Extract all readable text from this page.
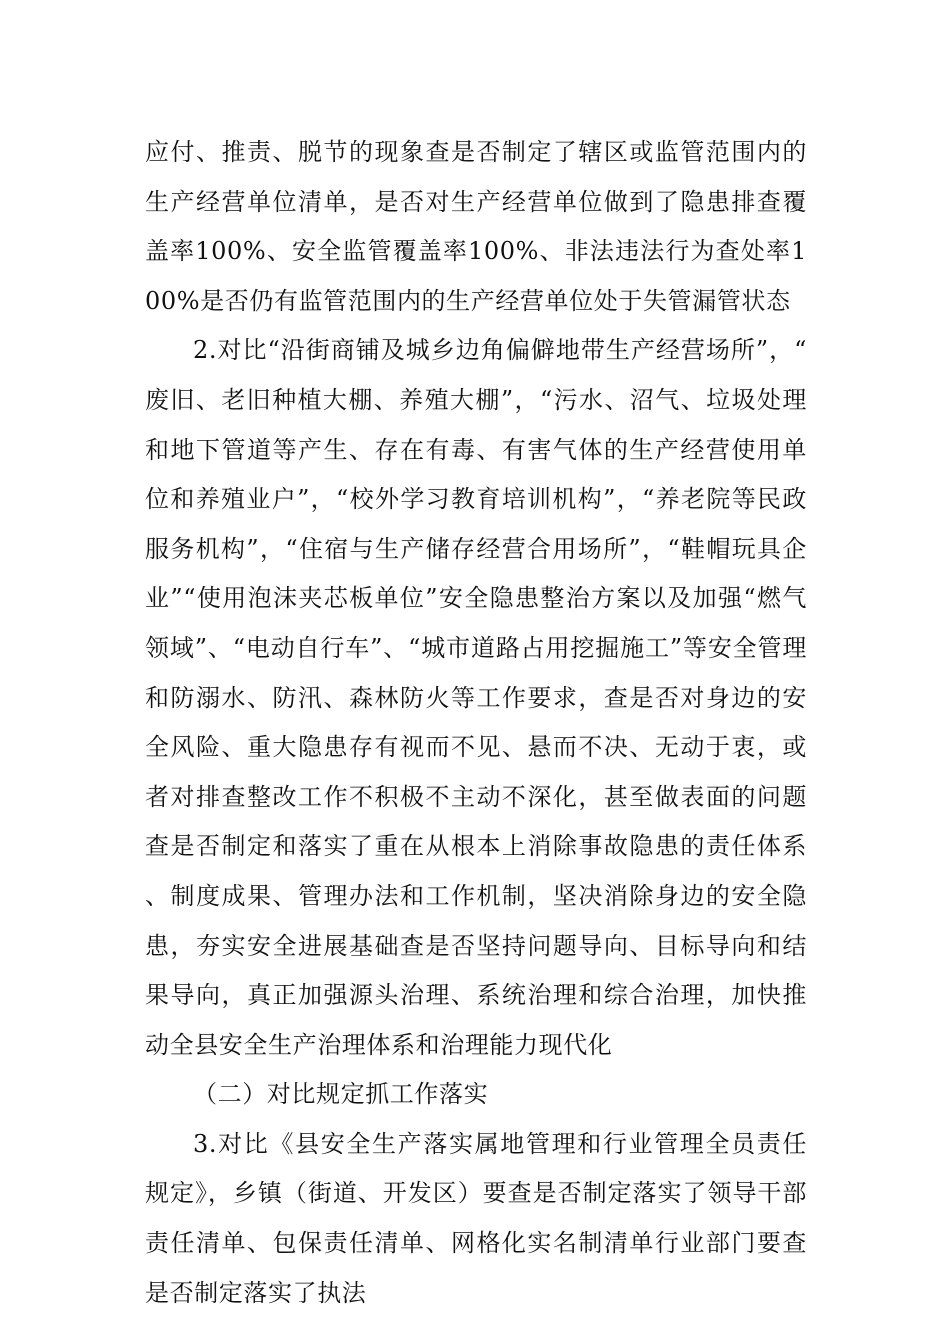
应付、推责、脱节的现象查是否制定了辖区或监管范围内的生产经营单位清单，是否对生产经营单位做到了隐患排查覆盖率100%、安全监管覆盖率100%、非法违法行为查处率100%是否仍有监管范围内的生产经营单位处于失管漏管状态

2.对比“沿街商铺及城乡边角偏僻地带生产经营场所”，“废旧、老旧种植大棚、养殖大棚”，“污水、沼气、垃圾处理和地下管道等产生、存在有毒、有害气体的生产经营使用单位和养殖业户”，“校外学习教育培训机构”，“养老院等民政服务机构”，“住宿与生产储存经营合用场所”，“鞋帽玩具企业”“使用泡沫夹芯板单位”安全隐患整治方案以及加强“燃气领域”、“电动自行车”、“城市道路占用挖掘施工”等安全管理和防溺水、防汛、森林防火等工作要求，查是否对身边的安全风险、重大隐患存有视而不见、悬而不决、无动于衷，或者对排查整改工作不积极不主动不深化，甚至做表面的问题查是否制定和落实了重在从根本上消除事故隐患的责任体系、制度成果、管理办法和工作机制，坚决消除身边的安全隐患，夯实安全进展基础查是否坚持问题导向、目标导向和结果导向，真正加强源头治理、系统治理和综合治理，加快推动全县安全生产治理体系和治理能力现代化

（二）对比规定抓工作落实

3.对比《县安全生产落实属地管理和行业管理全员责任规定》，乡镇（街道、开发区）要查是否制定落实了领导干部责任清单、包保责任清单、网格化实名制清单行业部门要查是否制定落实了执法
